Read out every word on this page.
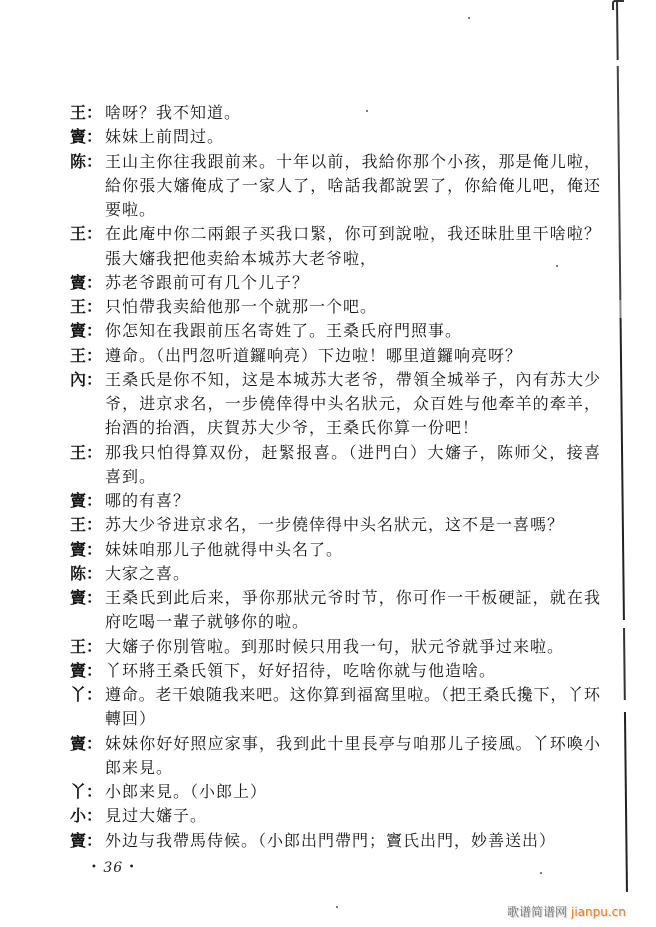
王： 啥呀？我不知道。
竇： 妹妹上前問过。
陈： 王山主你往我跟前来。十年以前，我給你那个小孩，那是俺儿啦，
給你張大嬸俺成了一家人了，啥話我都說罢了，你給俺儿吧，俺还
要啦。
王： 在此庵中你二兩銀子买我口緊，你可到說啦，我还昧肚里干啥啦？
張大嬸我把他卖給本城苏大老爷啦，
竇： 苏老爷跟前可有几个儿子？
王： 只怕帶我卖給他那一个就那一个吧。
竇： 你怎知在我跟前压名寄姓了。王桑氏府門照事。
王： 遵命。（出門忽听道鑼响亮）下边啦！哪里道鑼响亮呀？
內： 王桑氏是你不知，这是本城苏大老爷，帶領全城举子，內有苏大少
爷，进京求名，一步僥倖得中头名狀元，众百姓与他牽羊的牽羊，
抬酒的抬酒，庆賀苏大少爷，王桑氏你算一份吧！
王： 那我只怕得算双份，赶緊报喜。（进門白）大嬸子，陈师父，接喜
喜到。
竇： 哪的有喜？
王： 苏大少爷进京求名，一步僥倖得中头名狀元，这不是一喜嗎？
竇： 妹妹咱那儿子他就得中头名了。
陈： 大家之喜。
竇： 王桑氏到此后来，爭你那狀元爷时节，你可作一干板硬証，就在我
府吃喝一輩子就够你的啦。
王： 大嬸子你別管啦。到那时候只用我一句，狀元爷就爭过来啦。
竇： 丫环將王桑氏領下，好好招待，吃啥你就与他造啥。
丫： 遵命。老干娘随我来吧。这你算到福窩里啦。（把王桑氏攙下，丫环
轉回）
竇： 妹妹你好好照应家事，我到此十里長亭与咱那儿子接風。丫环喚小
郎来見。
丫： 小郎来見。（小郎上）
小： 見过大嬸子。
竇： 外边与我帶馬侍候。（小郎出門帶門；竇氏出門，妙善送出）
• 36 •
歌谱简谱网 jianpu.cn
